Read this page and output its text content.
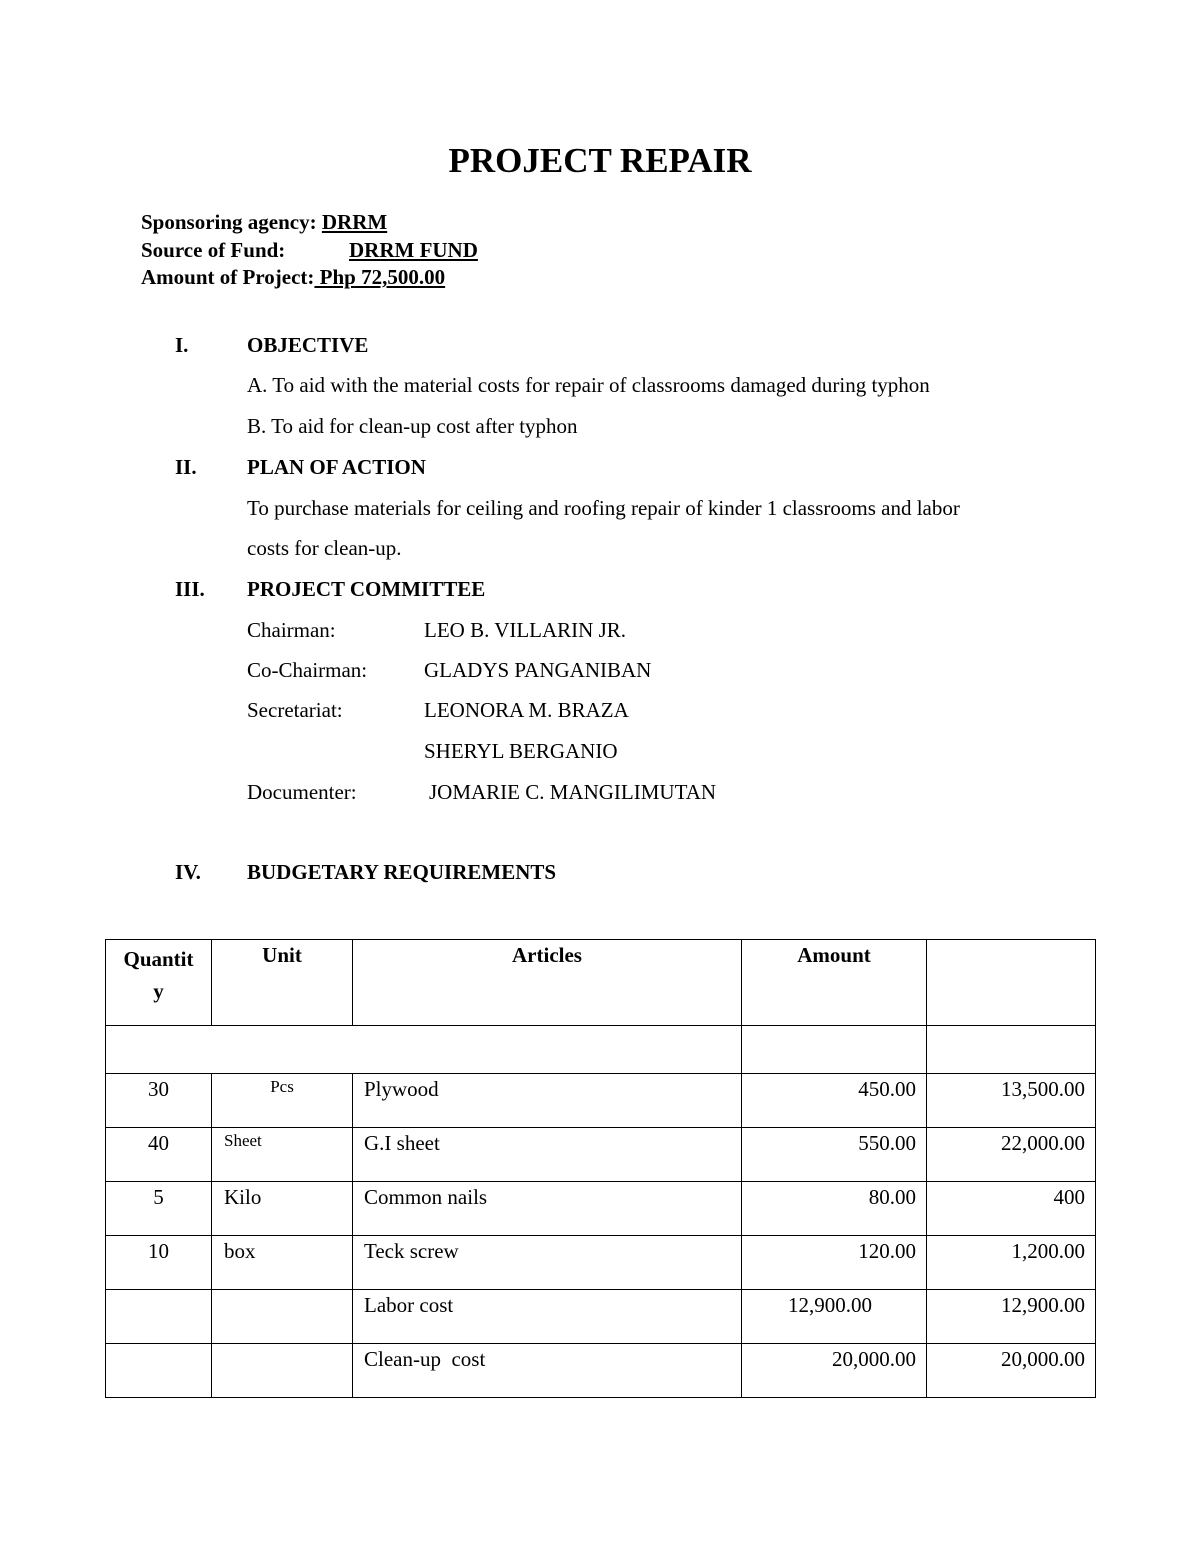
PROJECT REPAIR
Sponsoring agency: DRRM
Source of Fund:	DRRM FUND
Amount of Project: Php 72,500.00
I.	OBJECTIVE
A. To aid with the material costs for repair of classrooms damaged during typhon
B. To aid for clean-up cost after typhon
II. PLAN OF ACTION
To purchase materials for ceiling and roofing repair of kinder 1 classrooms and labor
costs for clean-up.
III. PROJECT COMMITTEE
Chairman:	LEO B. VILLARIN JR.
Co-Chairman:	GLADYS PANGANIBAN
Secretariat:	LEONORA M. BRAZA
SHERYL BERGANIO
Documenter:	JOMARIE C. MANGILIMUTAN
IV. BUDGETARY REQUIREMENTS
Quantit
y	Unit	Articles	Amount	

30	Pcs	Plywood	450.00	13,500.00
40	Sheet	G.I sheet	550.00	22,000.00
5	Kilo	Common nails	80.00	400
10	box	Teck screw	120.00	1,200.00
		Labor cost	12,900.00	12,900.00
		Clean-up  cost	20,000.00	20,000.00
